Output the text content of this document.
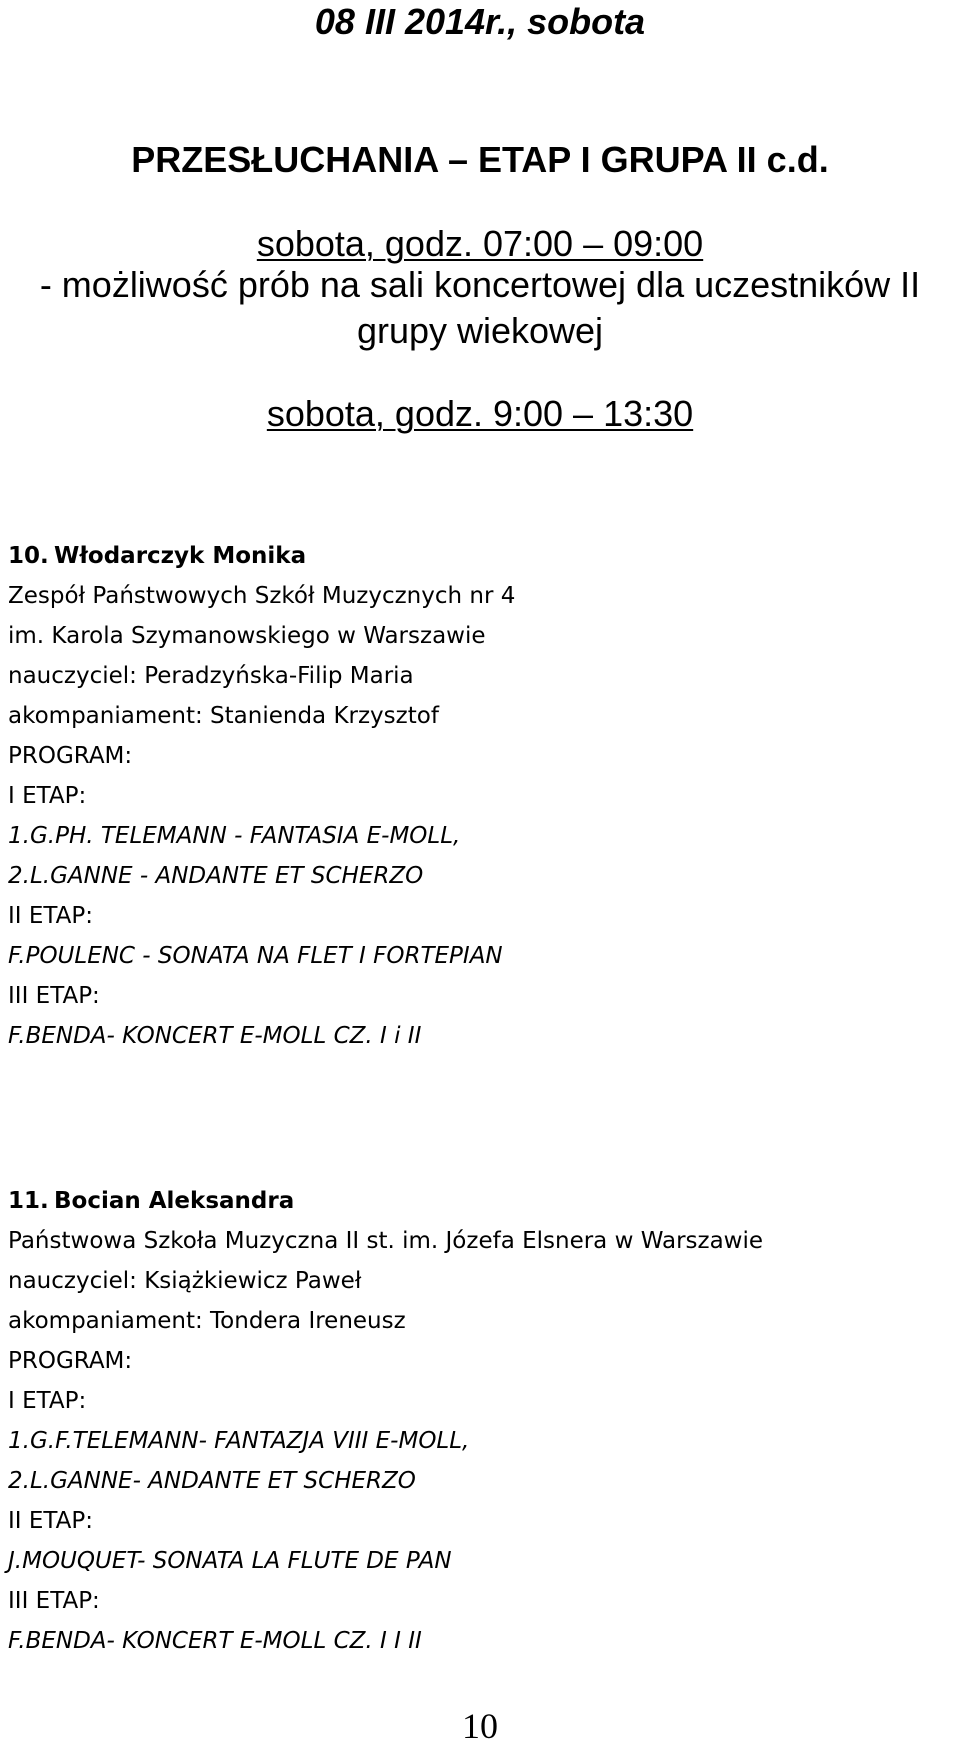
08 III 2014r., sobota
PRZESŁUCHANIA – ETAP I GRUPA II c.d.
sobota, godz. 07:00 – 09:00
- możliwość prób na sali koncertowej dla uczestników II
grupy wiekowej
sobota, godz. 9:00 – 13:30
10. Włodarczyk Monika
Zespół Państwowych Szkół Muzycznych nr 4
im. Karola Szymanowskiego w Warszawie
nauczyciel: Peradzyńska-Filip Maria
akompaniament: Stanienda Krzysztof
PROGRAM:
I ETAP:
1.G.PH. TELEMANN - FANTASIA E-MOLL,
2.L.GANNE - ANDANTE ET SCHERZO
II ETAP:
F.POULENC - SONATA NA FLET I FORTEPIAN
III ETAP:
F.BENDA- KONCERT E-MOLL CZ. I i II
11. Bocian Aleksandra
Państwowa Szkoła Muzyczna II st. im. Józefa Elsnera w Warszawie
nauczyciel: Książkiewicz Paweł
akompaniament: Tondera Ireneusz
PROGRAM:
I ETAP:
1.G.F.TELEMANN- FANTAZJA VIII E-MOLL,
2.L.GANNE- ANDANTE ET SCHERZO
II ETAP:
J.MOUQUET- SONATA LA FLUTE DE PAN
III ETAP:
F.BENDA- KONCERT E-MOLL CZ. I I II
10
